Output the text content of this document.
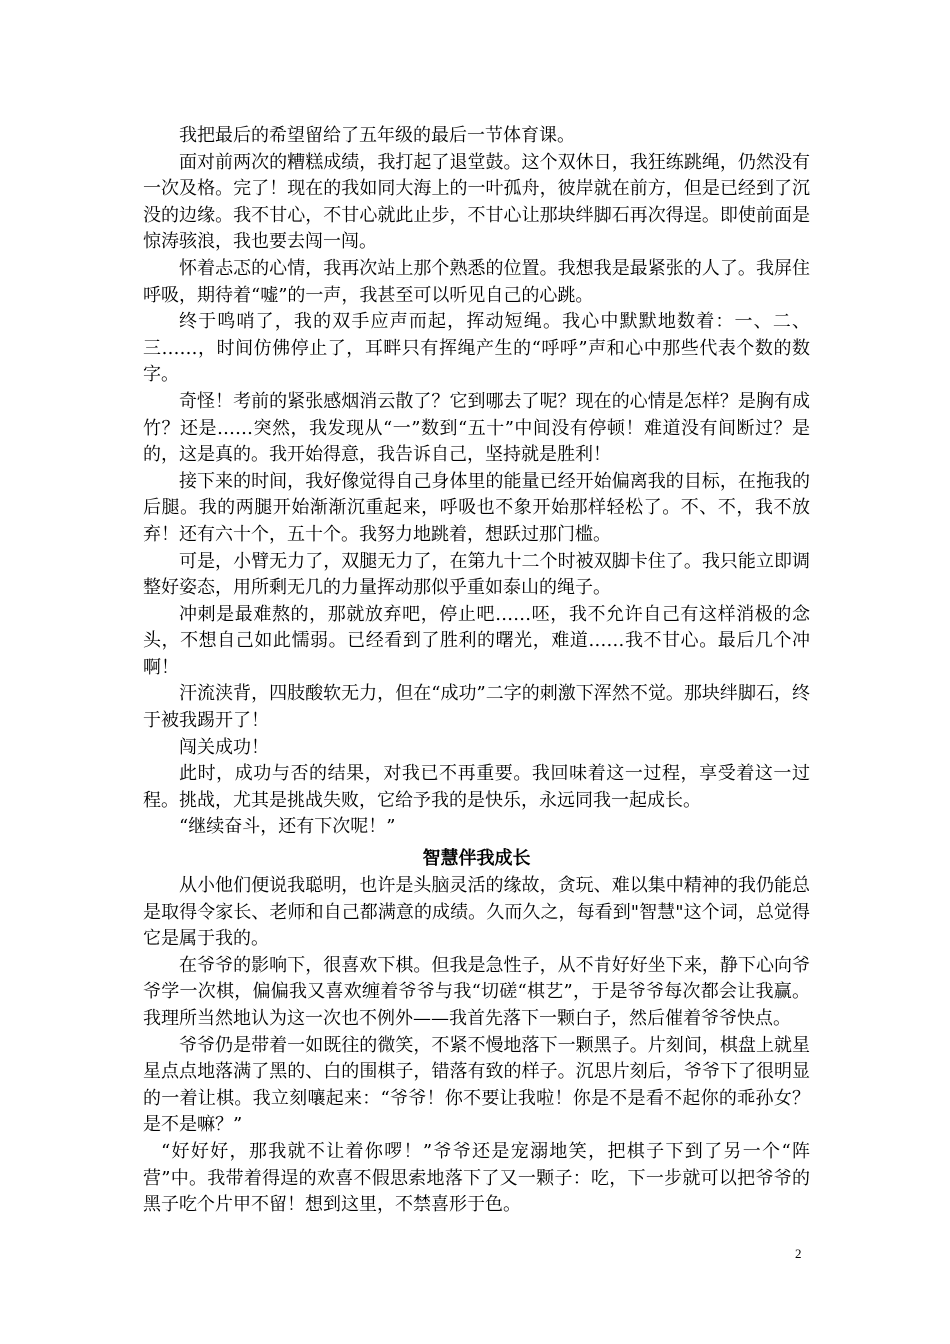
我把最后的希望留给了五年级的最后一节体育课。

面对前两次的糟糕成绩，我打起了退堂鼓。这个双休日，我狂练跳绳，仍然没有一次及格。完了！现在的我如同大海上的一叶孤舟，彼岸就在前方，但是已经到了沉没的边缘。我不甘心，不甘心就此止步，不甘心让那块绊脚石再次得逞。即使前面是惊涛骇浪，我也要去闯一闯。

怀着忐忑的心情，我再次站上那个熟悉的位置。我想我是最紧张的人了。我屏住呼吸，期待着“嘘”的一声，我甚至可以听见自己的心跳。

终于鸣哨了，我的双手应声而起，挥动短绳。我心中默默地数着：一、二、三……，时间仿佛停止了，耳畔只有挥绳产生的“呼呼”声和心中那些代表个数的数字。

奇怪！考前的紧张感烟消云散了？它到哪去了呢？现在的心情是怎样？是胸有成竹？还是……突然，我发现从“一”数到“五十”中间没有停顿！难道没有间断过？是的，这是真的。我开始得意，我告诉自己，坚持就是胜利！

接下来的时间，我好像觉得自己身体里的能量已经开始偏离我的目标，在拖我的后腿。我的两腿开始渐渐沉重起来，呼吸也不象开始那样轻松了。不、不，我不放弃！还有六十个，五十个。我努力地跳着，想跃过那门槛。

可是，小臂无力了，双腿无力了，在第九十二个时被双脚卡住了。我只能立即调整好姿态，用所剩无几的力量挥动那似乎重如泰山的绳子。

冲刺是最难熬的，那就放弃吧，停止吧……呸，我不允许自己有这样消极的念头，不想自己如此懦弱。已经看到了胜利的曙光，难道……我不甘心。最后几个冲啊！

汗流浃背，四肢酸软无力，但在“成功”二字的刺激下浑然不觉。那块绊脚石，终于被我踢开了！

闯关成功！

此时，成功与否的结果，对我已不再重要。我回味着这一过程，享受着这一过程。挑战，尤其是挑战失败，它给予我的是快乐，永远同我一起成长。

“继续奋斗，还有下次呢！”

智慧伴我成长

从小他们便说我聪明，也许是头脑灵活的缘故，贪玩、难以集中精神的我仍能总是取得令家长、老师和自己都满意的成绩。久而久之，每看到"智慧"这个词，总觉得它是属于我的。

在爷爷的影响下，很喜欢下棋。但我是急性子，从不肯好好坐下来，静下心向爷爷学一次棋，偏偏我又喜欢缠着爷爷与我“切磋“棋艺”，于是爷爷每次都会让我赢。我理所当然地认为这一次也不例外——我首先落下一颗白子，然后催着爷爷快点。

爷爷仍是带着一如既往的微笑，不紧不慢地落下一颗黑子。片刻间，棋盘上就星星点点地落满了黑的、白的围棋子，错落有致的样子。沉思片刻后，爷爷下了很明显的一着让棋。我立刻嚷起来：“爷爷！你不要让我啦！你是不是看不起你的乖孙女？是不是嘛？”

“好好好，那我就不让着你啰！”爷爷还是宠溺地笑，把棋子下到了另一个“阵营”中。我带着得逞的欢喜不假思索地落下了又一颗子：吃，下一步就可以把爷爷的黑子吃个片甲不留！想到这里，不禁喜形于色。

2
